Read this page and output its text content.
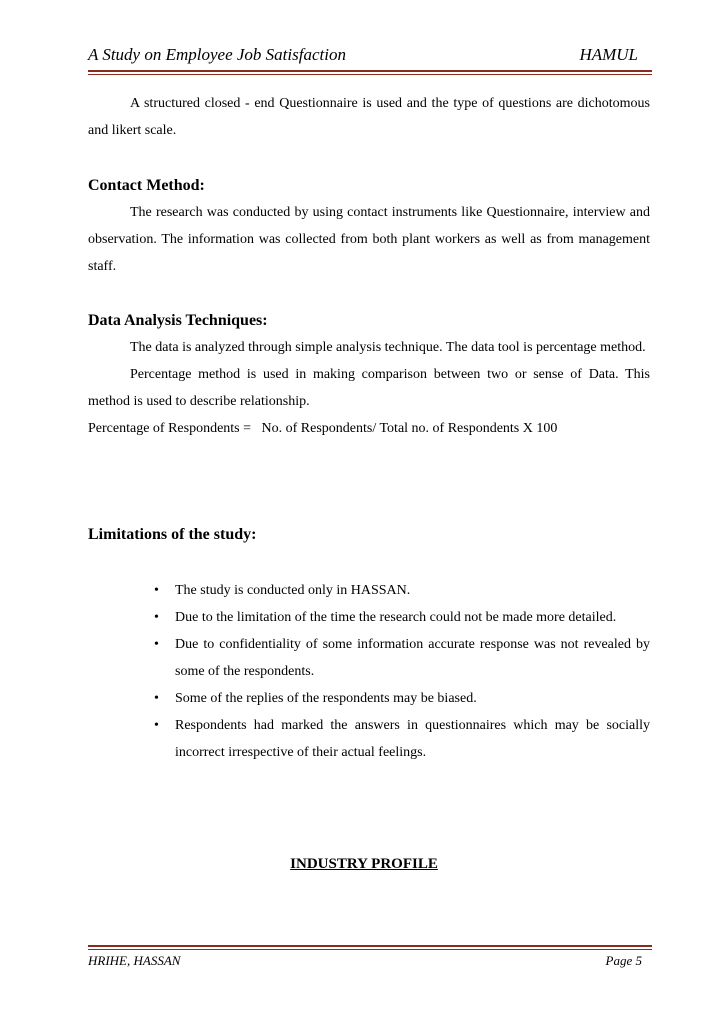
A Study on Employee Job Satisfaction	HAMUL

A structured closed - end Questionnaire is used and the type of questions are dichotomous and likert scale.

Contact Method:

The research was conducted by using contact instruments like Questionnaire, interview and observation. The information was collected from both plant workers as well as from management staff.

Data Analysis Techniques:

The data is analyzed through simple analysis technique. The data tool is percentage method.

Percentage method is used in making comparison between two or sense of Data. This method is used to describe relationship.

Percentage of Respondents =   No. of Respondents/ Total no. of Respondents X 100

Limitations of the study:
• The study is conducted only in HASSAN.
• Due to the limitation of the time the research could not be made more detailed.
• Due to confidentiality of some information accurate response was not revealed by some of the respondents.
• Some of the replies of the respondents may be biased.
• Respondents had marked the answers in questionnaires which may be socially incorrect irrespective of their actual feelings.
INDUSTRY PROFILE
HRIHE, HASSAN	Page 5
